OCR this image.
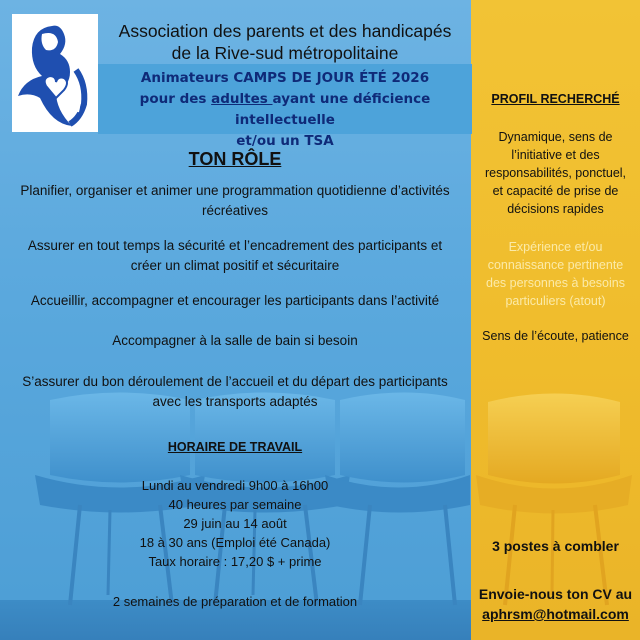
Association des parents et des handicapés
de la Rive-sud métropolitaine
Animateurs CAMPS DE JOUR ÉTÉ 2026
pour des adultes ayant une déficience intellectuelle
et/ou un TSA
TON RÔLE
Planifier, organiser et animer une programmation quotidienne d’activités
récréatives
Assurer en tout temps la sécurité et l’encadrement des participants et
créer un climat positif et sécuritaire
Accueillir, accompagner et encourager les participants dans l’activité
Accompagner à la salle de bain si besoin
S’assurer du bon déroulement de l’accueil et du départ des participants
avec les transports adaptés
HORAIRE DE TRAVAIL
Lundi au vendredi 9h00 à 16h00
40 heures par semaine
29 juin au 14 août
18 à 30 ans (Emploi été Canada)
Taux horaire : 17,20 $ + prime
2 semaines de préparation et de formation
PROFIL RECHERCHÉ
Dynamique, sens de
l’initiative et des
responsabilités, ponctuel,
et capacité de prise de
décisions rapides
Expérience et/ou
connaissance pertinente
des personnes à besoins
particuliers (atout)
Sens de l’écoute, patience
3 postes à combler
Envoie-nous ton CV au
aphrsm@hotmail.com
